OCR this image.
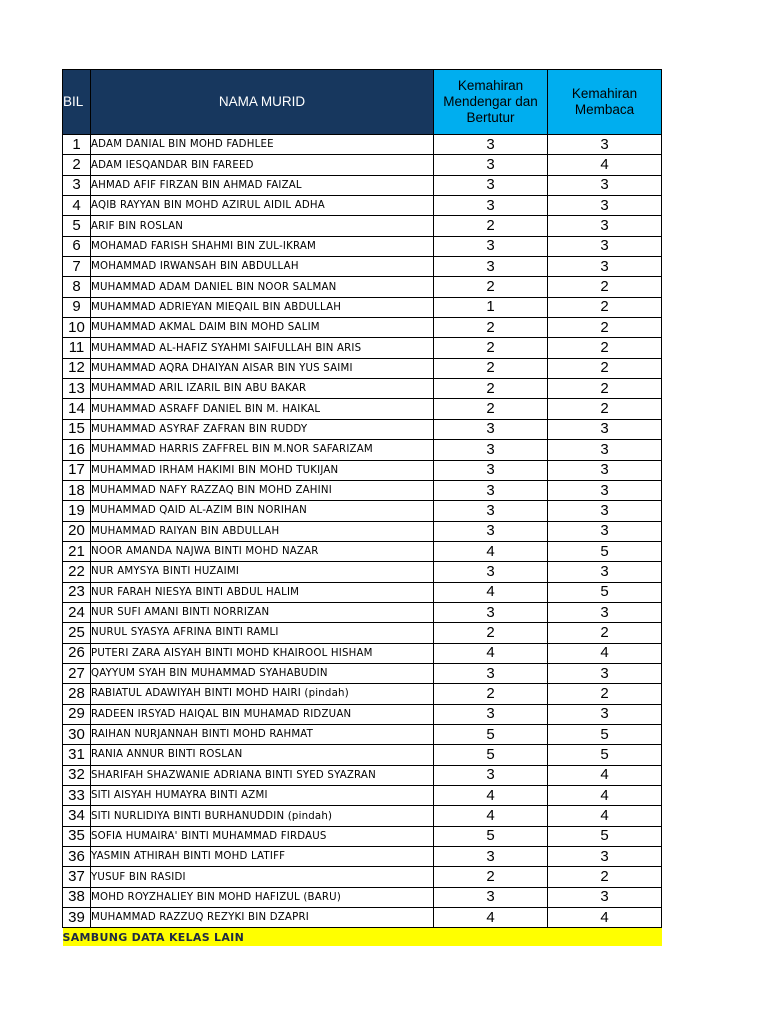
BIL	NAMA MURID	Kemahiran Mendengar dan Bertutur	Kemahiran Membaca
1	ADAM DANIAL BIN MOHD FADHLEE	3	3
2	ADAM IESQANDAR BIN FAREED	3	4
3	AHMAD AFIF FIRZAN BIN AHMAD FAIZAL	3	3
4	AQIB RAYYAN BIN MOHD AZIRUL AIDIL ADHA	3	3
5	ARIF BIN ROSLAN	2	3
6	MOHAMAD FARISH SHAHMI BIN ZUL-IKRAM	3	3
7	MOHAMMAD IRWANSAH BIN ABDULLAH	3	3
8	MUHAMMAD ADAM DANIEL BIN NOOR SALMAN	2	2
9	MUHAMMAD ADRIEYAN MIEQAIL BIN ABDULLAH	1	2
10	MUHAMMAD AKMAL DAIM BIN MOHD SALIM	2	2
11	MUHAMMAD AL-HAFIZ SYAHMI SAIFULLAH BIN ARIS	2	2
12	MUHAMMAD AQRA DHAIYAN AISAR BIN YUS SAIMI	2	2
13	MUHAMMAD ARIL IZARIL BIN ABU BAKAR	2	2
14	MUHAMMAD ASRAFF DANIEL BIN M. HAIKAL	2	2
15	MUHAMMAD ASYRAF ZAFRAN BIN RUDDY	3	3
16	MUHAMMAD HARRIS ZAFFREL BIN M.NOR SAFARIZAM	3	3
17	MUHAMMAD IRHAM HAKIMI BIN MOHD TUKIJAN	3	3
18	MUHAMMAD NAFY RAZZAQ BIN MOHD ZAHINI	3	3
19	MUHAMMAD QAID AL-AZIM BIN NORIHAN	3	3
20	MUHAMMAD RAIYAN BIN ABDULLAH	3	3
21	NOOR AMANDA NAJWA BINTI MOHD NAZAR	4	5
22	NUR AMYSYA BINTI HUZAIMI	3	3
23	NUR FARAH NIESYA BINTI ABDUL HALIM	4	5
24	NUR SUFI AMANI BINTI NORRIZAN	3	3
25	NURUL SYASYA AFRINA BINTI RAMLI	2	2
26	PUTERI ZARA AISYAH BINTI MOHD KHAIROOL HISHAM	4	4
27	QAYYUM SYAH BIN MUHAMMAD SYAHABUDIN	3	3
28	RABIATUL ADAWIYAH BINTI MOHD HAIRI (pindah)	2	2
29	RADEEN IRSYAD HAIQAL BIN MUHAMAD RIDZUAN	3	3
30	RAIHAN NURJANNAH BINTI MOHD RAHMAT	5	5
31	RANIA ANNUR BINTI ROSLAN	5	5
32	SHARIFAH SHAZWANIE ADRIANA BINTI SYED SYAZRAN	3	4
33	SITI AISYAH HUMAYRA BINTI AZMI	4	4
34	SITI NURLIDIYA BINTI BURHANUDDIN (pindah)	4	4
35	SOFIA HUMAIRA' BINTI MUHAMMAD FIRDAUS	5	5
36	YASMIN ATHIRAH BINTI MOHD LATIFF	3	3
37	YUSUF BIN RASIDI	2	2
38	MOHD ROYZHALIEY BIN MOHD HAFIZUL (BARU)	3	3
39	MUHAMMAD RAZZUQ REZYKI BIN DZAPRI	4	4
SAMBUNG DATA KELAS LAIN			
